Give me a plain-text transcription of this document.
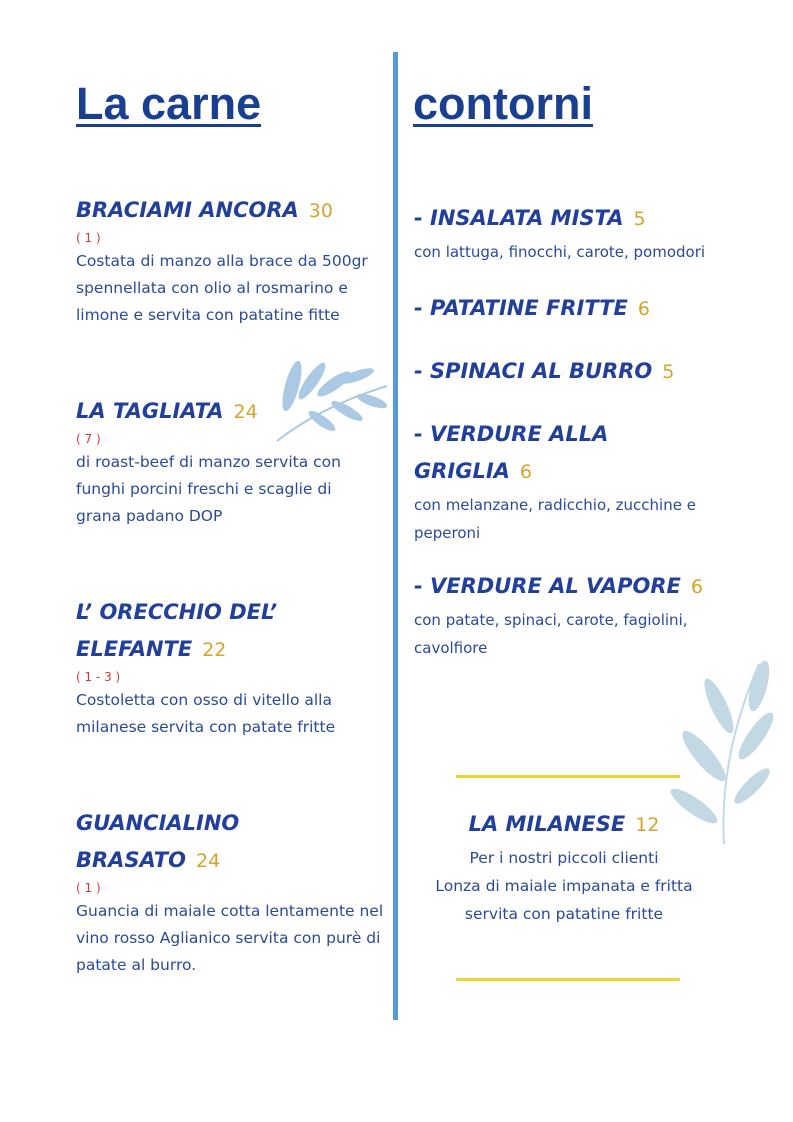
La carne	contorni

BRACIAMI ANCORA 30

( 1 )
Costata di manzo alla brace da 500gr spennellata con olio al rosmarino e limone e servita con patatine fitte

LA TAGLIATA 24

( 7 )
di roast-beef di manzo servita con funghi porcini freschi e scaglie di grana padano DOP

L’ ORECCHIO DEL’ ELEFANTE 22

( 1 - 3 )
Costoletta con osso di vitello alla milanese servita con patate fritte

GUANCIALINO BRASATO 24

( 1 )
Guancia di maiale cotta lentamente nel vino rosso Aglianico servita con purè di patate al burro.

- INSALATA MISTA 5

con lattuga, finocchi, carote, pomodori

- PATATINE FRITTE 6

- SPINACI AL BURRO 5

- VERDURE ALLA GRIGLIA 6

con melanzane, radicchio, zucchine e peperoni

- VERDURE AL VAPORE 6

con patate, spinaci, carote, fagiolini, cavolfiore

LA MILANESE 12

Per i nostri piccoli clienti
Lonza di maiale impanata e fritta
servita con patatine fritte
